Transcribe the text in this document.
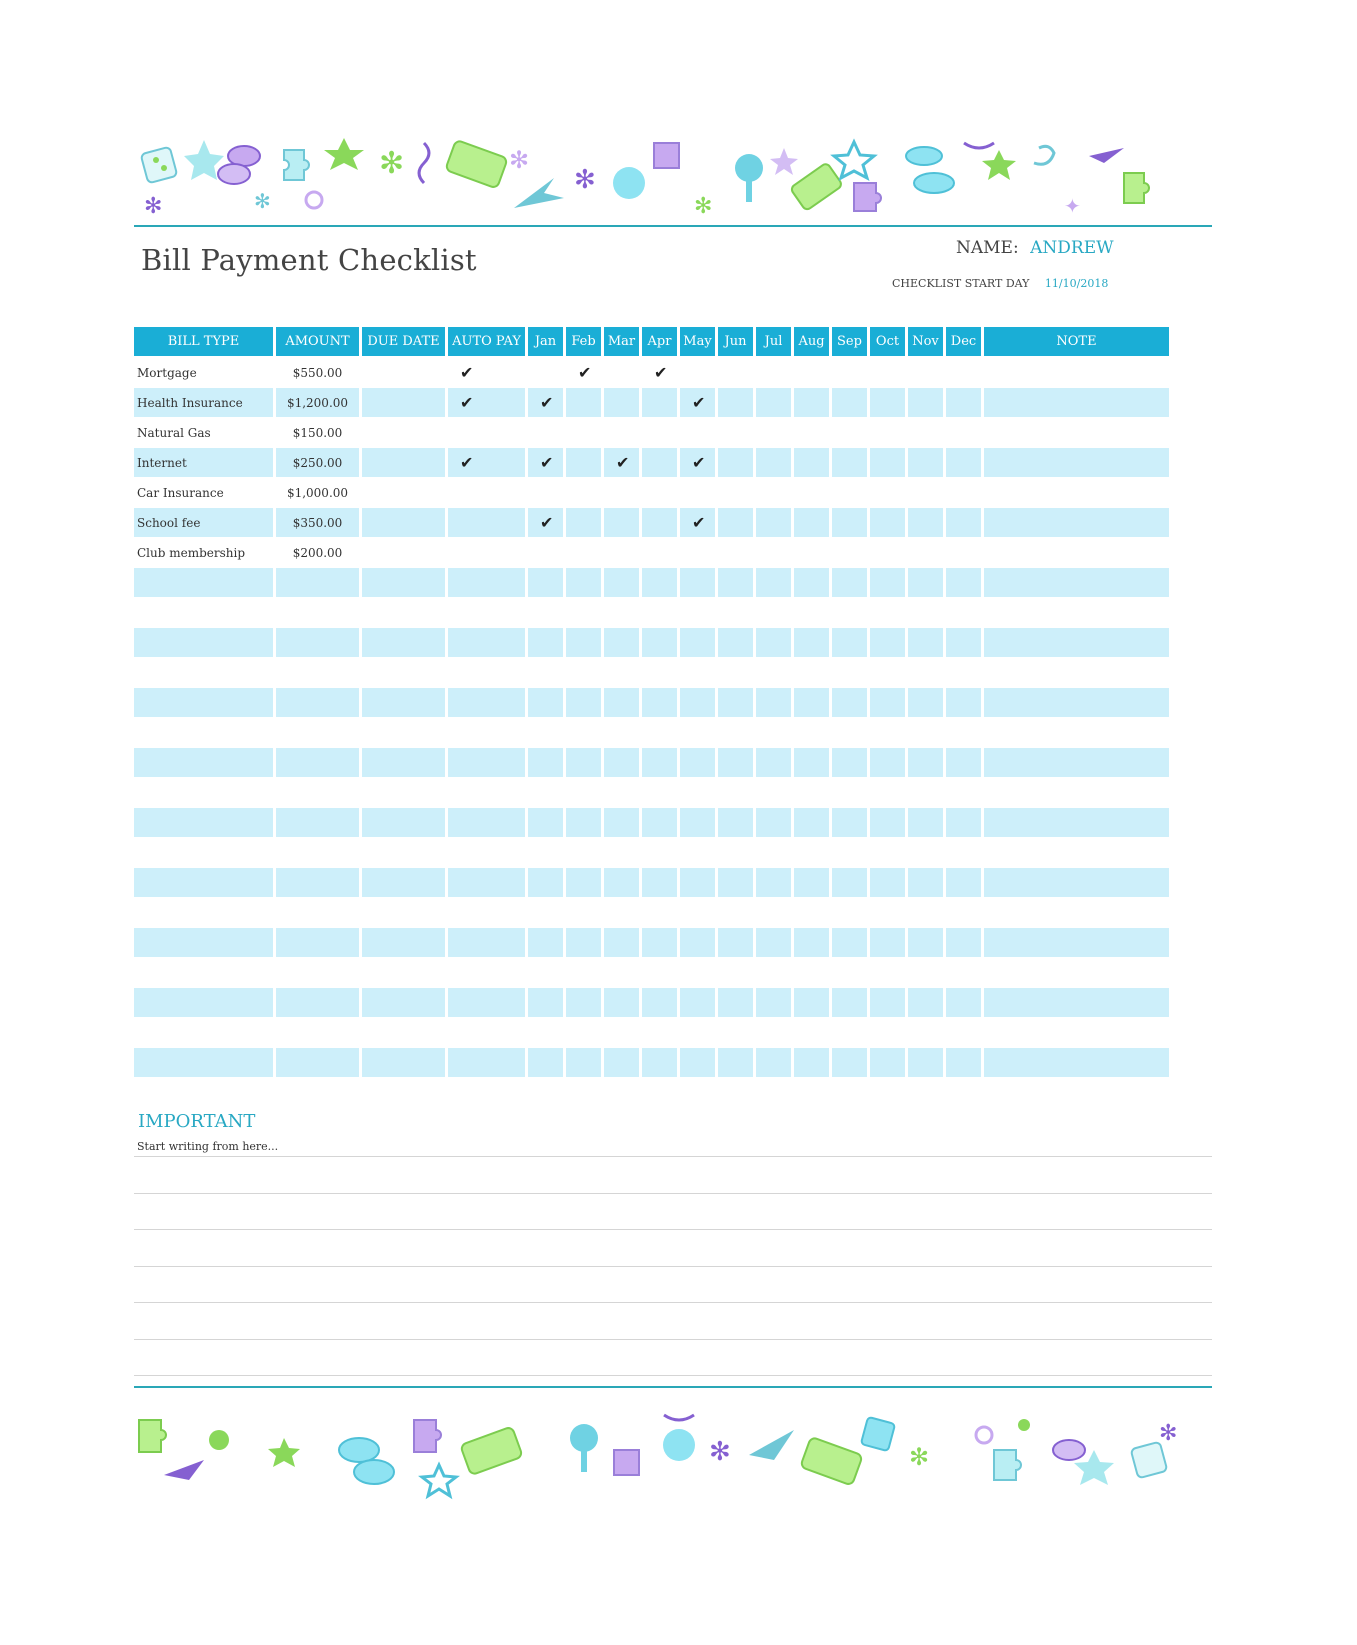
✻	✻
✻
✻	✻	✻	✦
Bill Payment Checklist	NAME: ANDREW
CHECKLIST START DAY 11/10/2018
BILL TYPE	AMOUNT	DUE DATE	AUTO PAY	Jan	Feb	Mar	Apr	May	Jun	Jul	Aug	Sep	Oct	Nov	Dec	NOTE
Mortgage	$550.00		✔		✔		✔									
Health Insurance	$1,200.00		✔	✔				✔								
Natural Gas	$150.00															
Internet	$250.00		✔	✔		✔		✔								
Car Insurance	$1,000.00															
School fee	$350.00			✔				✔								
Club membership	$200.00															

IMPORTANT
Start writing from here...
✻	✻
✻
